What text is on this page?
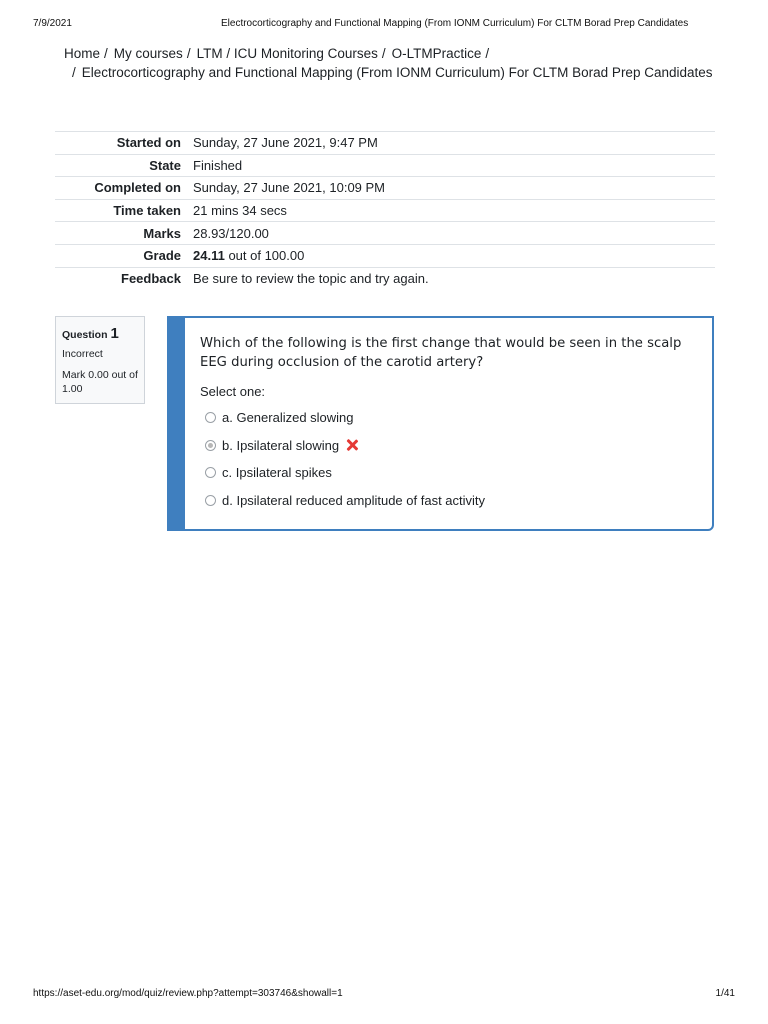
7/9/2021	Electrocorticography and Functional Mapping (From IONM Curriculum) For CLTM Borad Prep Candidates
Home / My courses / LTM / ICU Monitoring Courses / O-LTMPractice /
/ Electrocorticography and Functional Mapping (From IONM Curriculum) For CLTM Borad Prep Candidates
Started on	Sunday, 27 June 2021, 9:47 PM
State	Finished
Completed on	Sunday, 27 June 2021, 10:09 PM
Time taken	21 mins 34 secs
Marks	28.93/120.00
Grade	24.11 out of 100.00
Feedback	Be sure to review the topic and try again.
Question 1
Incorrect
Mark 0.00 out of 1.00
Which of the following is the first change that would be seen in the scalp EEG during occlusion of the carotid artery?
Select one:
a. Generalized slowing
b. Ipsilateral slowing
c. Ipsilateral spikes
d. Ipsilateral reduced amplitude of fast activity
https://aset-edu.org/mod/quiz/review.php?attempt=303746&showall=1	1/41
